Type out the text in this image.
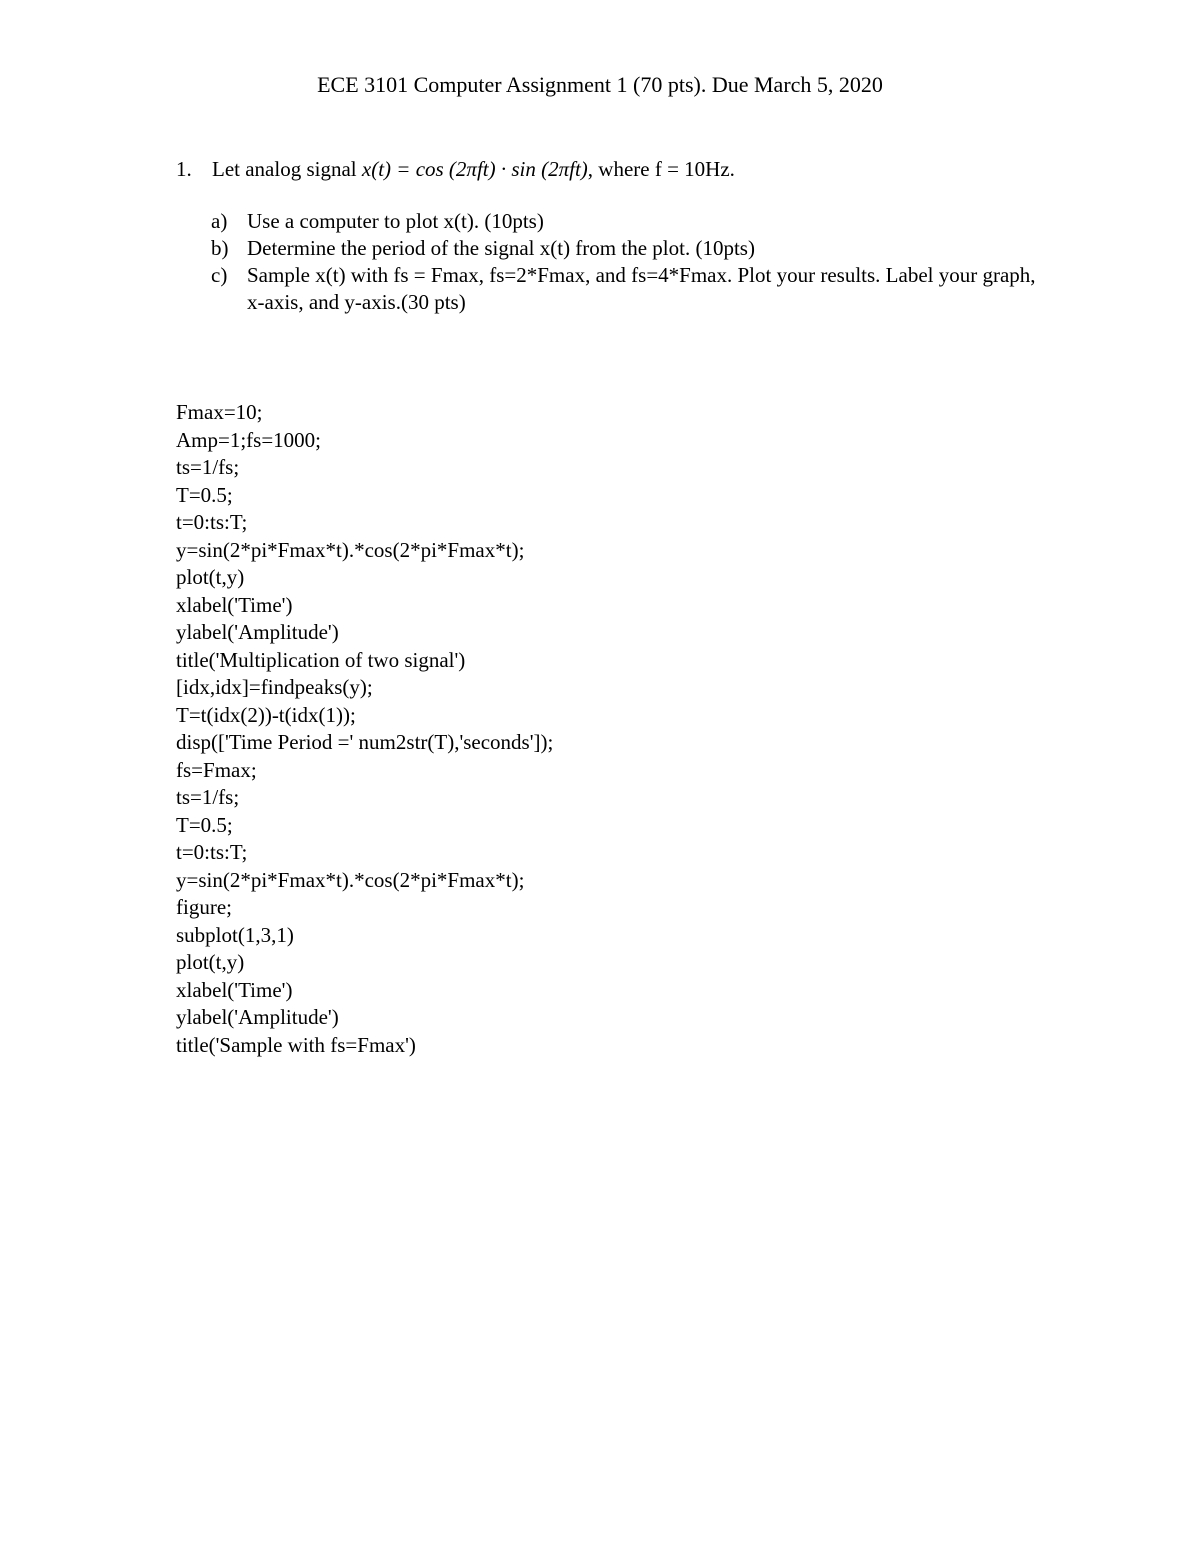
ECE 3101 Computer Assignment 1 (70 pts). Due March 5, 2020
1. Let analog signal x(t) = cos (2πft) · sin (2πft), where f = 10Hz.
a) Use a computer to plot x(t). (10pts)
b) Determine the period of the signal x(t) from the plot. (10pts)
c) Sample x(t) with fs = Fmax, fs=2*Fmax, and fs=4*Fmax. Plot your results. Label your graph, x-axis, and y-axis.(30 pts)
Fmax=10;
Amp=1;fs=1000;
ts=1/fs;
T=0.5;
t=0:ts:T;
y=sin(2*pi*Fmax*t).*cos(2*pi*Fmax*t);
plot(t,y)
xlabel('Time')
ylabel('Amplitude')
title('Multiplication of two signal')
[idx,idx]=findpeaks(y);
T=t(idx(2))-t(idx(1));
disp(['Time Period =' num2str(T),'seconds']);
fs=Fmax;
ts=1/fs;
T=0.5;
t=0:ts:T;
y=sin(2*pi*Fmax*t).*cos(2*pi*Fmax*t);
figure;
subplot(1,3,1)
plot(t,y)
xlabel('Time')
ylabel('Amplitude')
title('Sample with fs=Fmax')
